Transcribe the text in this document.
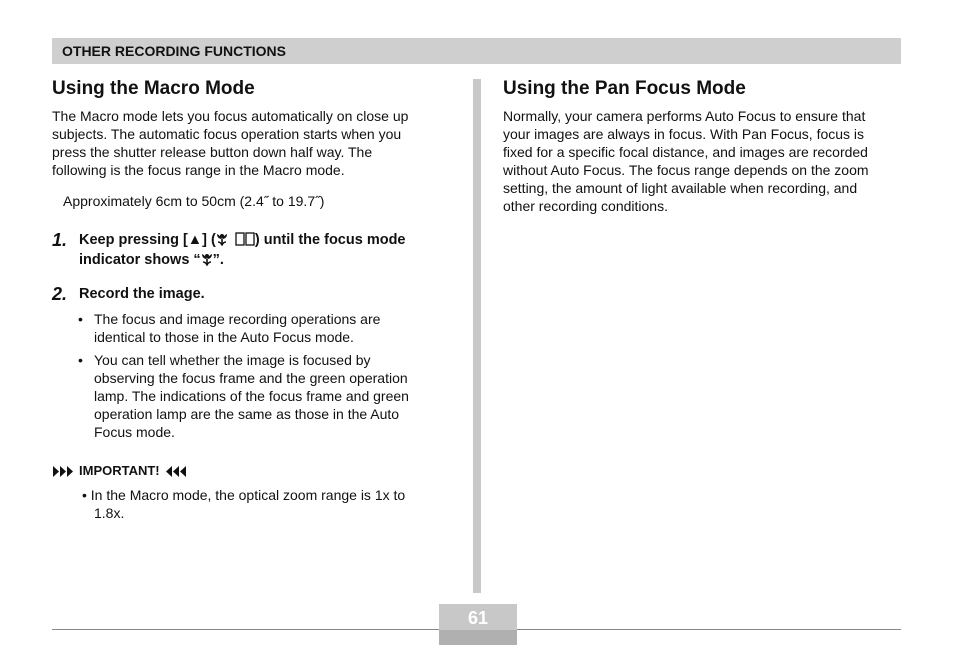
OTHER RECORDING FUNCTIONS
Using the Macro Mode

The Macro mode lets you focus automatically on close up

subjects. The automatic focus operation starts when you

press the shutter release button down half way. The

following is the focus range in the Macro mode.

Approximately 6cm to 50cm (2.4˝ to 19.7˝)

1. Keep pressing [▲] (	) until the focus mode
indicator shows “ ”.
2. Record the image.
• The focus and image recording operations are
identical to those in the Auto Focus mode.
• You can tell whether the image is focused by
observing the focus frame and the green operation
lamp. The indications of the focus frame and green
operation lamp are the same as those in the Auto
Focus mode.
IMPORTANT!
• In the Macro mode, the optical zoom range is 1x to
1.8x.
Using the Pan Focus Mode

Normally, your camera performs Auto Focus to ensure that

your images are always in focus. With Pan Focus, focus is

fixed for a specific focal distance, and images are recorded

without Auto Focus. The focus range depends on the zoom

setting, the amount of light available when recording, and

other recording conditions.

61
